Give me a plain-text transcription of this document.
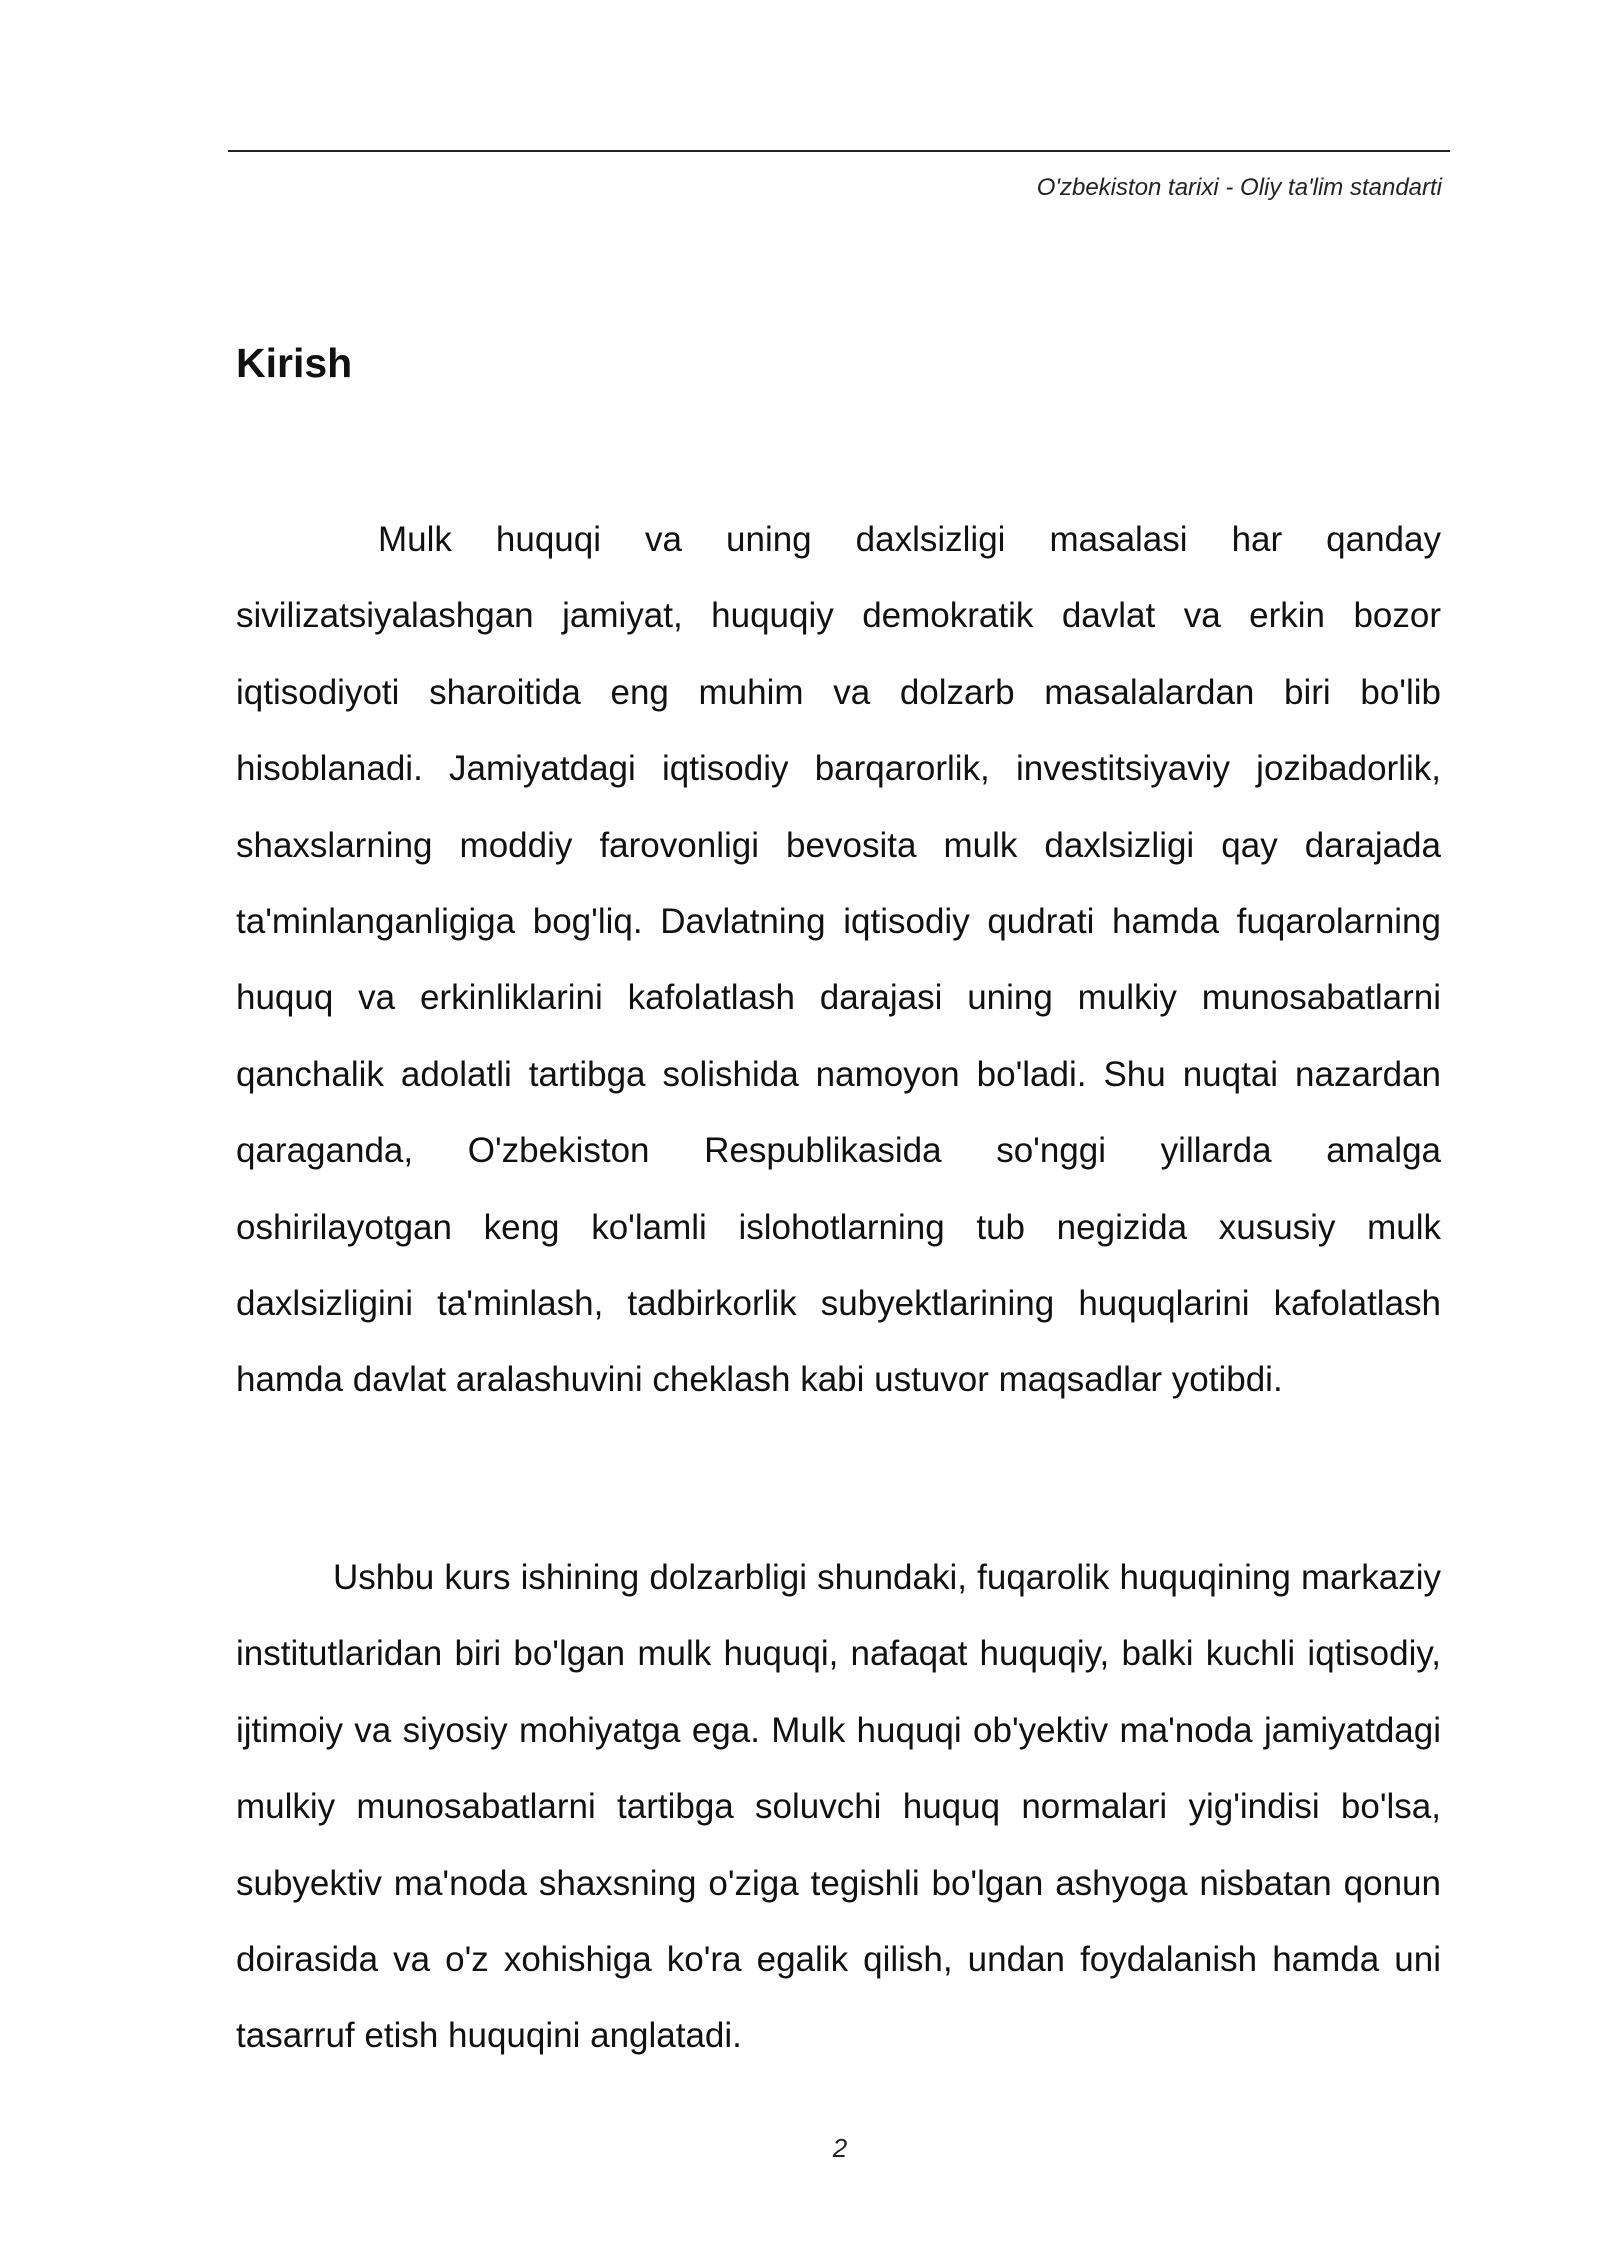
O'zbekiston tarixi - Oliy ta'lim standarti
Kirish

Mulk huquqi va uning daxlsizligi masalasi har qanday sivilizatsiyalashgan jamiyat, huquqiy demokratik davlat va erkin bozor iqtisodiyoti sharoitida eng muhim va dolzarb masalalardan biri bo'lib hisoblanadi. Jamiyatdagi iqtisodiy barqarorlik, investitsiyaviy jozibadorlik, shaxslarning moddiy farovonligi bevosita mulk daxlsizligi qay darajada ta'minlanganligiga bog'liq. Davlatning iqtisodiy qudrati hamda fuqarolarning huquq va erkinliklarini kafolatlash darajasi uning mulkiy munosabatlarni qanchalik adolatli tartibga solishida namoyon bo'ladi. Shu nuqtai nazardan qaraganda, O'zbekiston Respublikasida so'nggi yillarda amalga oshirilayotgan keng ko'lamli islohotlarning tub negizida xususiy mulk daxlsizligini ta'minlash, tadbirkorlik subyektlarining huquqlarini kafolatlash hamda davlat aralashuvini cheklash kabi ustuvor maqsadlar yotibdi.

Ushbu kurs ishining dolzarbligi shundaki, fuqarolik huquqining markaziy institutlaridan biri bo'lgan mulk huquqi, nafaqat huquqiy, balki kuchli iqtisodiy, ijtimoiy va siyosiy mohiyatga ega. Mulk huquqi ob'yektiv ma'noda jamiyatdagi mulkiy munosabatlarni tartibga soluvchi huquq normalari yig'indisi bo'lsa, subyektiv ma'noda shaxsning o'ziga tegishli bo'lgan ashyoga nisbatan qonun doirasida va o'z xohishiga ko'ra egalik qilish, undan foydalanish hamda uni tasarruf etish huquqini anglatadi.

2
